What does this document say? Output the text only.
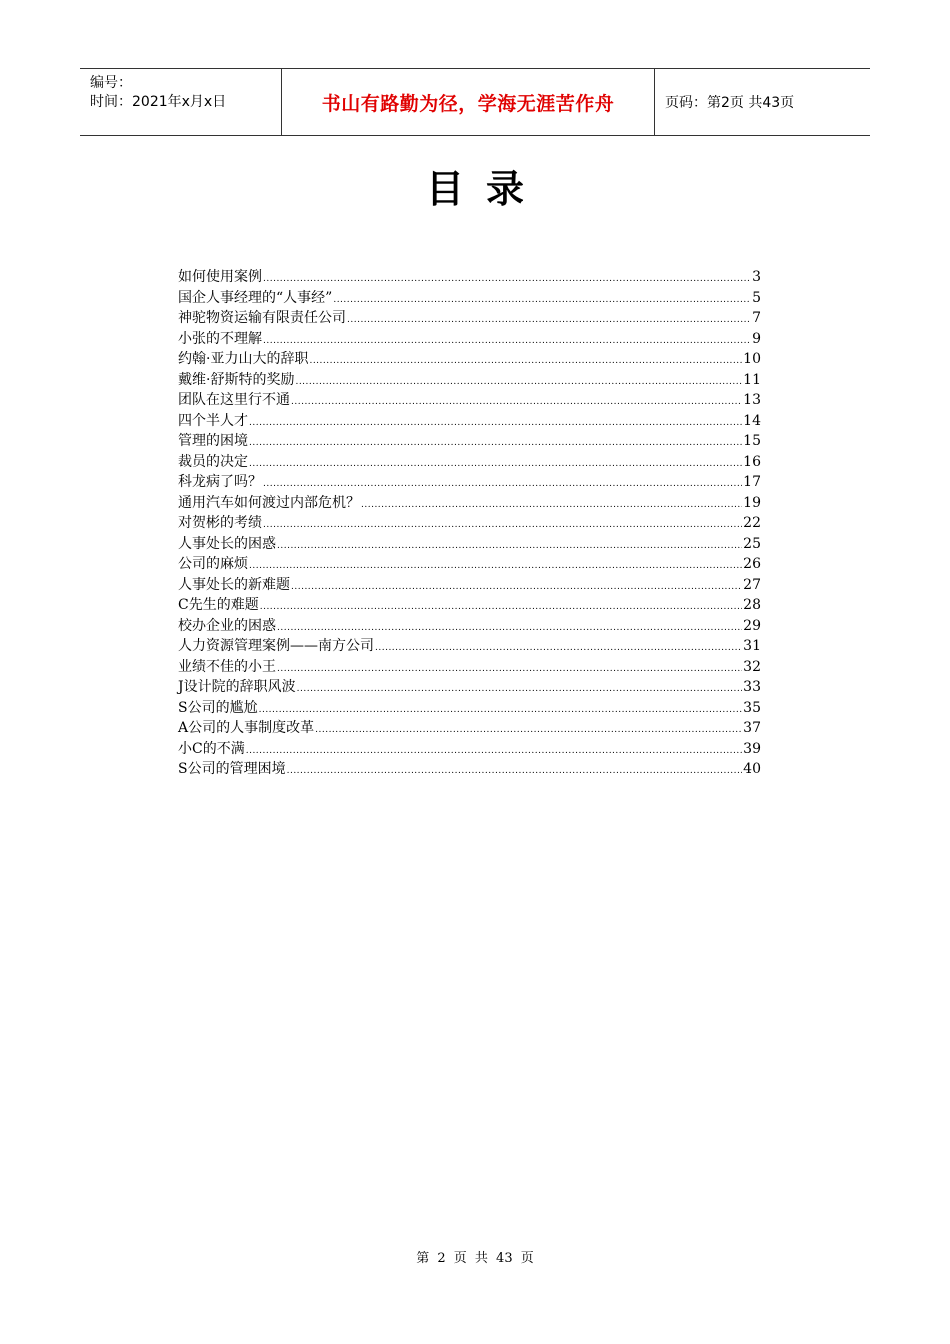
编号：
时间：2021年x月x日	书山有路勤为径，学海无涯苦作舟	页码：第2页 共43页
目录
如何使用案例 .....	3
国企人事经理的“人事经” .....	5
神驼物资运输有限责任公司 .....	7
小张的不理解 .....	9
约翰·亚力山大的辞职 .....	10
戴维·舒斯特的奖励 .....	11
团队在这里行不通 .....	13
四个半人才 .....	14
管理的困境 .....	15
裁员的决定 .....	16
科龙病了吗？ .....	17
通用汽车如何渡过内部危机？ .....	19
对贺彬的考绩 .....	22
人事处长的困惑 .....	25
公司的麻烦 .....	26
人事处长的新难题 .....	27
C先生的难题 .....	28
校办企业的困惑 .....	29
人力资源管理案例——南方公司 .....	31
业绩不佳的小王 .....	32
J设计院的辞职风波 .....	33
S公司的尴尬 .....	35
A公司的人事制度改革 .....	37
小C的不满 .....	39
S公司的管理困境 .....	40
第 2 页 共 43 页
